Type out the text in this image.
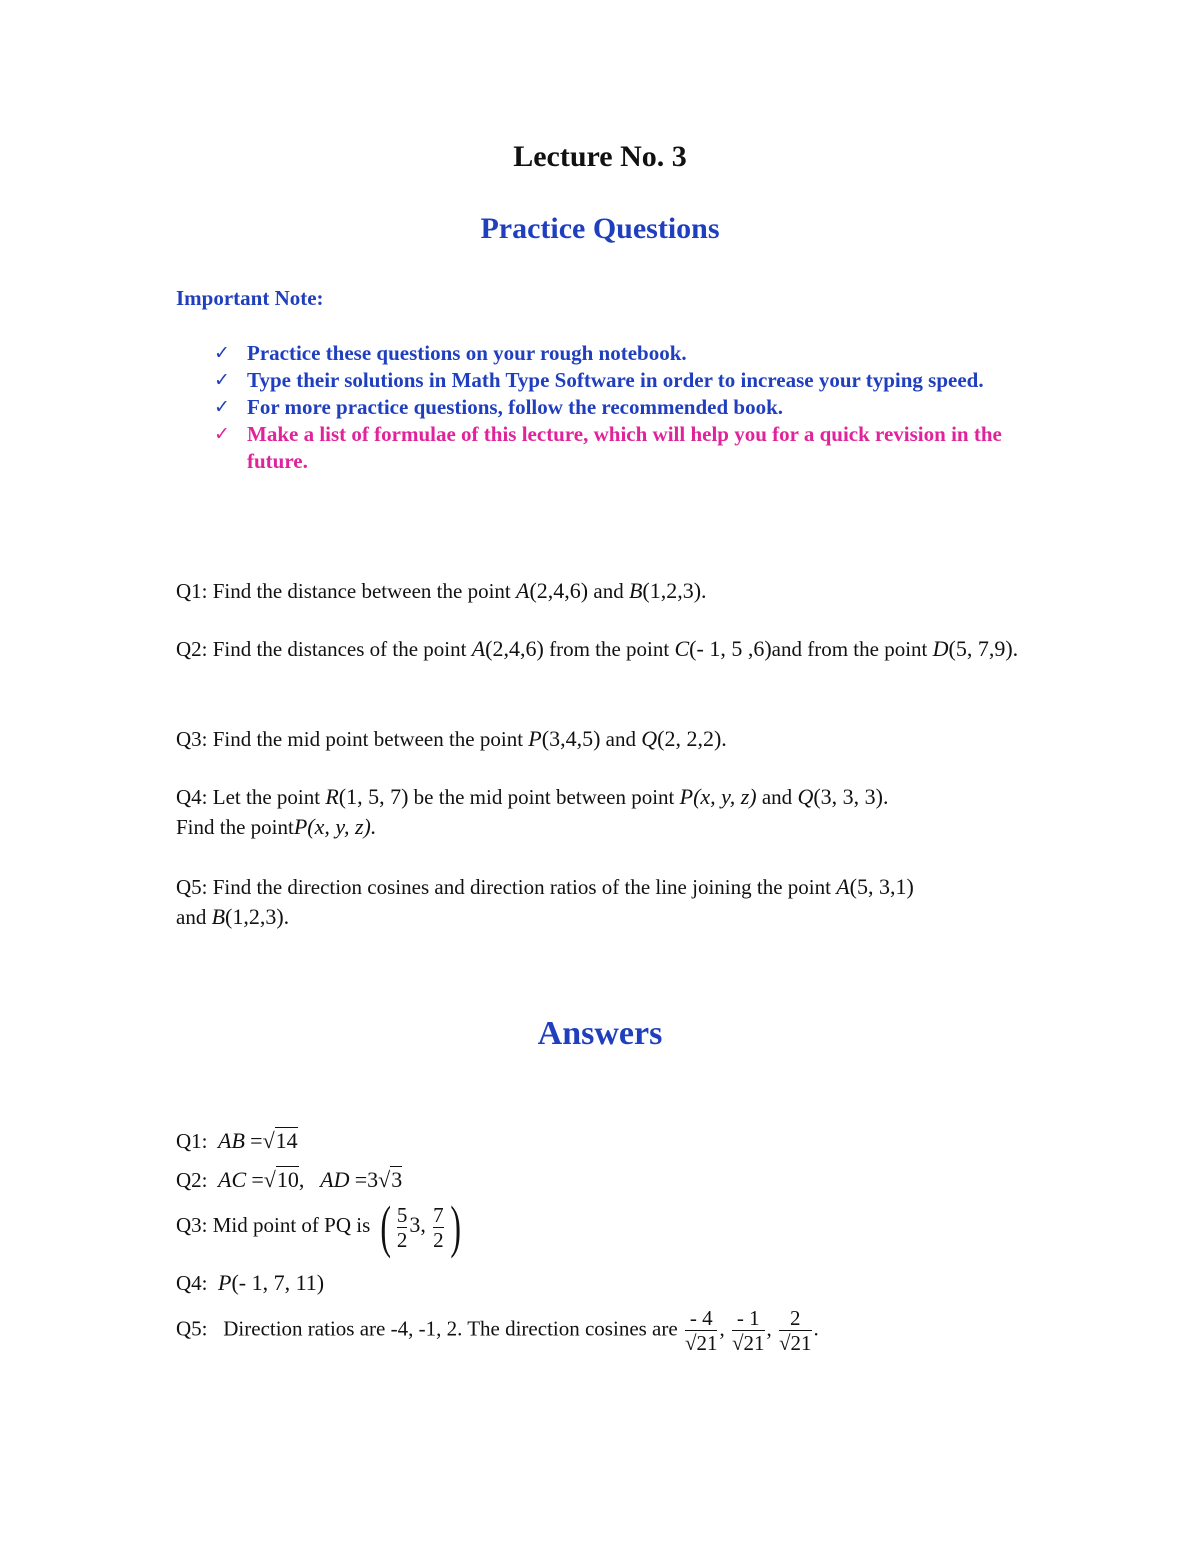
Lecture No. 3
Practice Questions
Important Note:
✓ Practice these questions on your rough notebook.
✓ Type their solutions in Math Type Software in order to increase your typing speed.
✓ For more practice questions, follow the recommended book.
✓ Make a list of formulae of this lecture, which will help you for a quick revision in the future.
Q1: Find the distance between the point A(2,4,6) and B(1,2,3).
Q2: Find the distances of the point A(2,4,6) from the point C(- 1, 5 ,6)and from the point D(5, 7,9).
Q3: Find the mid point between the point P(3,4,5) and Q(2, 2,2).
Q4: Let the point R(1, 5, 7) be the mid point between point P(x, y, z) and Q(3, 3, 3).
Find the pointP(x, y, z).
Q5: Find the direction cosines and direction ratios of the line joining the point A(5, 3,1)
and B(1,2,3).
Answers
Q1: AB =√14
Q2: AC =√10, AD =3√3
Q3: Mid point of PQ is ( $\frac{5}{2} 3$, $\frac{7}{2}$ )
Q4: P(- 1, 7, 11)
Q5: Direction ratios are -4, -1, 2. The direction cosines are $\frac{- 4}{√21}$ , $\frac{- 1}{√21}$ , $\frac{2}{√21}$ .
